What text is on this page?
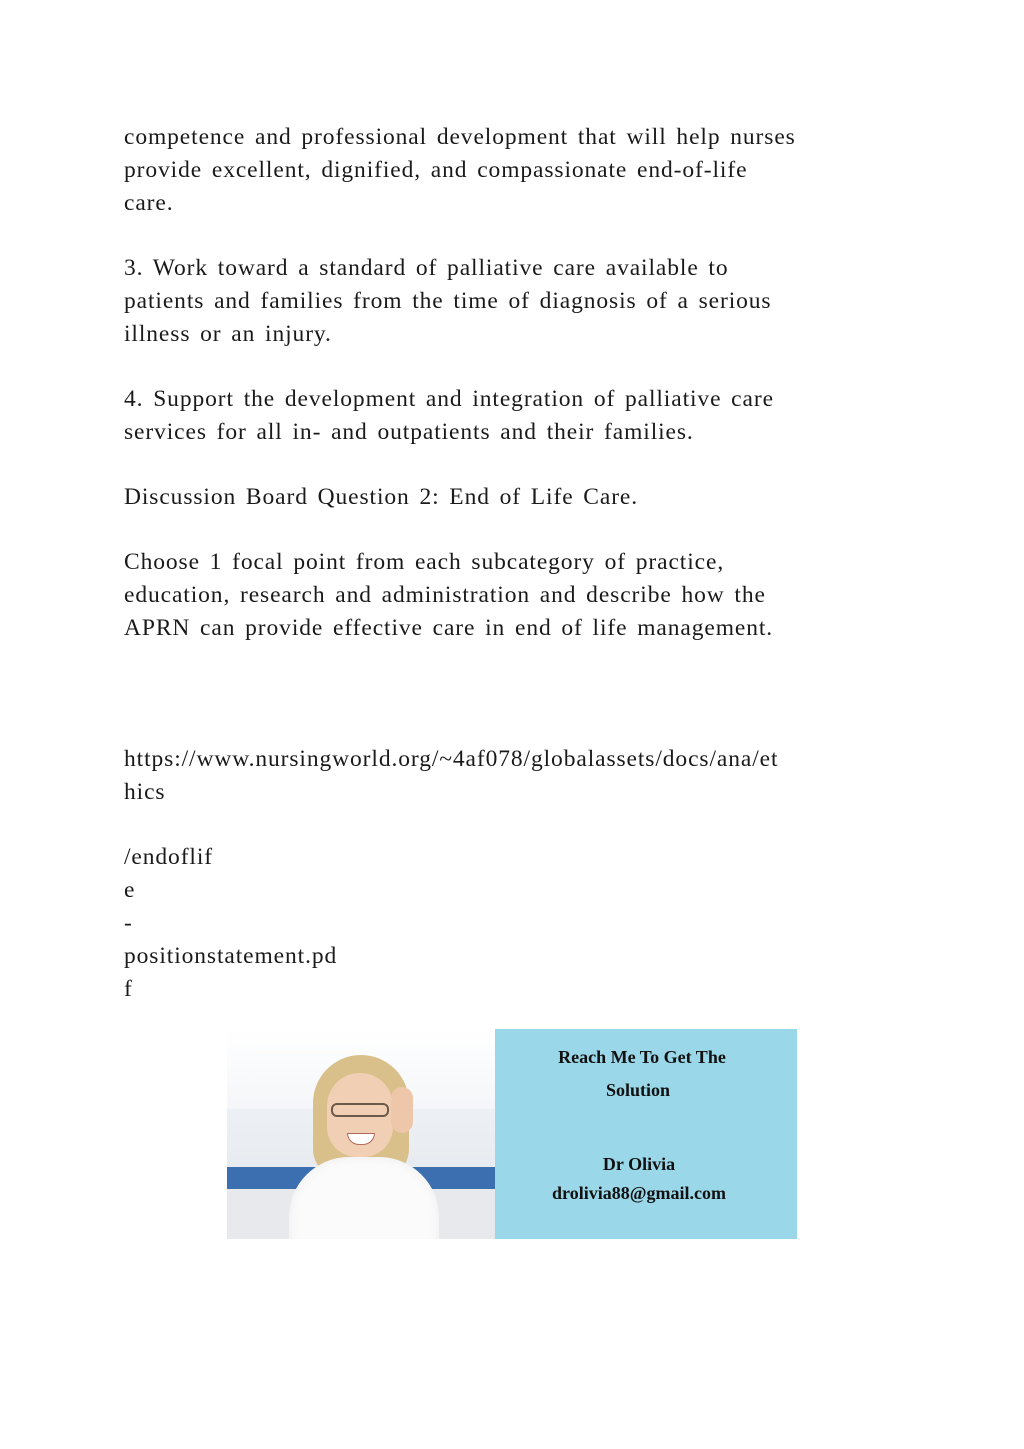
competence and professional development that will help nurses
provide excellent, dignified, and compassionate end-of-life
care.

3. Work toward a standard of palliative care available to
patients and families from the time of diagnosis of a serious
illness or an injury.

4. Support the development and integration of palliative care
services for all in- and outpatients and their families.

Discussion Board Question 2: End of Life Care.

Choose 1 focal point from each subcategory of practice,
education, research and administration and describe how the
APRN can provide effective care in end of life management.

https://www.nursingworld.org/~4af078/globalassets/docs/ana/et
hics

/endoflif
e
-
positionstatement.pd
f

Reach Me To Get The
Solution
Dr Olivia
drolivia88@gmail.com
